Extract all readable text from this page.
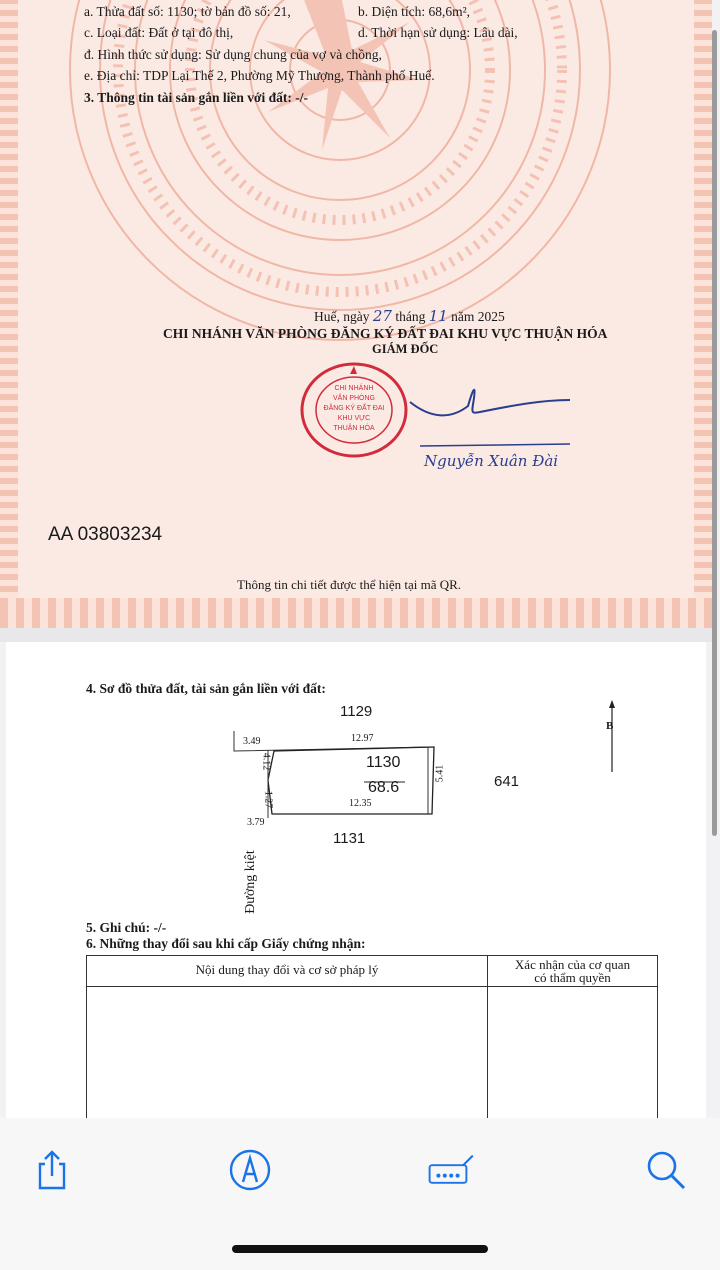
a. Thửa đất số: 1130; tờ bản đồ số: 21,	b. Diện tích: 68,6m²,
c. Loại đất: Đất ở tại đô thị,	d. Thời hạn sử dụng: Lâu dài,
đ. Hình thức sử dụng: Sử dụng chung của vợ và chồng,
e. Địa chỉ: TDP Lại Thế 2, Phường Mỹ Thượng, Thành phố Huế.
3. Thông tin tài sản gắn liền với đất: -/-
Huế, ngày 27 tháng 11 năm 2025
CHI NHÁNH VĂN PHÒNG ĐĂNG KÝ ĐẤT ĐAI KHU VỰC THUẬN HÓA
GIÁM ĐỐC
CHI NHÁNH
VĂN PHÒNG
ĐĂNG KÝ ĐẤT ĐAI
KHU VỰC
THUẬN HÓA
Nguyễn Xuân Đài
AA 03803234
Thông tin chi tiết được thể hiện tại mã QR.
4. Sơ đồ thửa đất, tài sản gắn liền với đất:
1129
3.49	12.97
4.12	1130
68.6
5.41	641
B
1.27	12.35
3.79
1131
Đường kiệt
5. Ghi chú: -/-
6. Những thay đổi sau khi cấp Giấy chứng nhận:
Nội dung thay đổi và cơ sở pháp lý	Xác nhận của cơ quan
có thẩm quyền
